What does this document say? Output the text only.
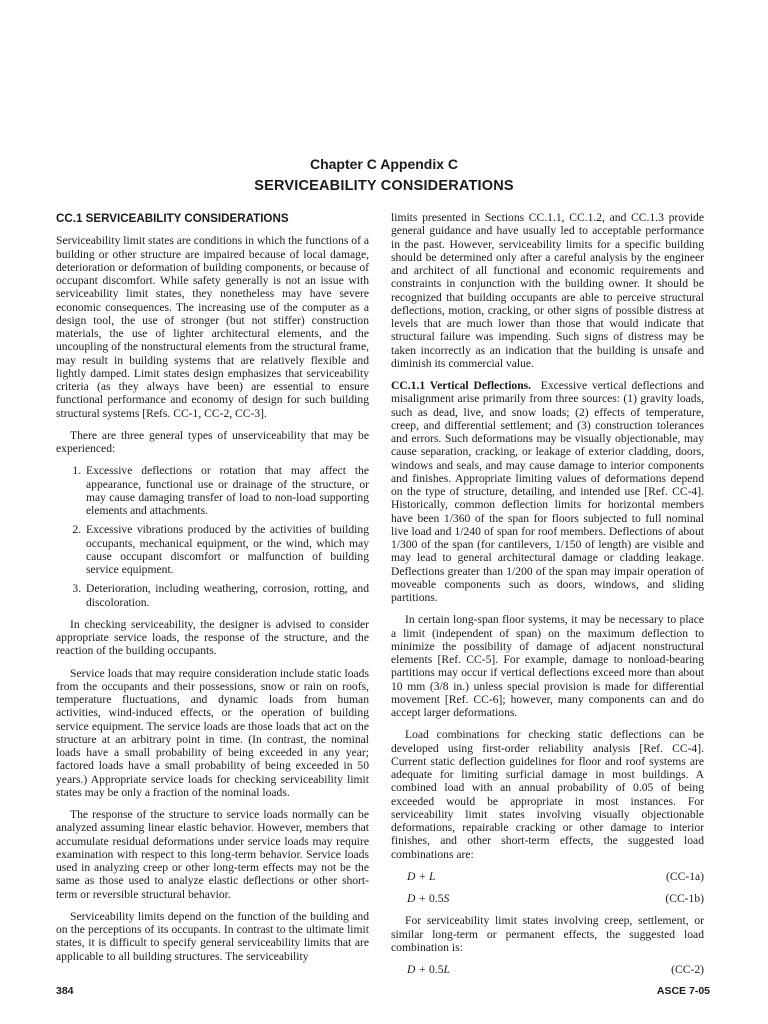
Chapter C Appendix C
SERVICEABILITY CONSIDERATIONS
CC.1 SERVICEABILITY CONSIDERATIONS

Serviceability limit states are conditions in which the functions of a building or other structure are impaired because of local damage, deterioration or deformation of building components, or because of occupant discomfort. While safety generally is not an issue with serviceability limit states, they nonetheless may have severe economic consequences. The increasing use of the computer as a design tool, the use of stronger (but not stiffer) construction materials, the use of lighter architectural elements, and the uncoupling of the nonstructural elements from the structural frame, may result in building systems that are relatively flexible and lightly damped. Limit states design emphasizes that serviceability criteria (as they always have been) are essential to ensure functional performance and economy of design for such building structural systems [Refs. CC-1, CC-2, CC-3].

There are three general types of unserviceability that may be experienced:

1. Excessive deflections or rotation that may affect the appearance, functional use or drainage of the structure, or may cause damaging transfer of load to non-load supporting elements and attachments.
2. Excessive vibrations produced by the activities of building occupants, mechanical equipment, or the wind, which may cause occupant discomfort or malfunction of building service equipment.
3. Deterioration, including weathering, corrosion, rotting, and discoloration.

In checking serviceability, the designer is advised to consider appropriate service loads, the response of the structure, and the reaction of the building occupants.

Service loads that may require consideration include static loads from the occupants and their possessions, snow or rain on roofs, temperature fluctuations, and dynamic loads from human activities, wind-induced effects, or the operation of building service equipment. The service loads are those loads that act on the structure at an arbitrary point in time. (In contrast, the nominal loads have a small probability of being exceeded in any year; factored loads have a small probability of being exceeded in 50 years.) Appropriate service loads for checking serviceability limit states may be only a fraction of the nominal loads.

The response of the structure to service loads normally can be analyzed assuming linear elastic behavior. However, members that accumulate residual deformations under service loads may require examination with respect to this long-term behavior. Service loads used in analyzing creep or other long-term effects may not be the same as those used to analyze elastic deflections or other short-term or reversible structural behavior.

Serviceability limits depend on the function of the building and on the perceptions of its occupants. In contrast to the ultimate limit states, it is difficult to specify general serviceability limits that are applicable to all building structures. The serviceability

limits presented in Sections CC.1.1, CC.1.2, and CC.1.3 provide general guidance and have usually led to acceptable performance in the past. However, serviceability limits for a specific building should be determined only after a careful analysis by the engineer and architect of all functional and economic requirements and constraints in conjunction with the building owner. It should be recognized that building occupants are able to perceive structural deflections, motion, cracking, or other signs of possible distress at levels that are much lower than those that would indicate that structural failure was impending. Such signs of distress may be taken incorrectly as an indication that the building is unsafe and diminish its commercial value.

CC.1.1 Vertical Deflections. Excessive vertical deflections and misalignment arise primarily from three sources: (1) gravity loads, such as dead, live, and snow loads; (2) effects of temperature, creep, and differential settlement; and (3) construction tolerances and errors. Such deformations may be visually objectionable, may cause separation, cracking, or leakage of exterior cladding, doors, windows and seals, and may cause damage to interior components and finishes. Appropriate limiting values of deformations depend on the type of structure, detailing, and intended use [Ref. CC-4]. Historically, common deflection limits for horizontal members have been 1/360 of the span for floors subjected to full nominal live load and 1/240 of span for roof members. Deflections of about 1/300 of the span (for cantilevers, 1/150 of length) are visible and may lead to general architectural damage or cladding leakage. Deflections greater than 1/200 of the span may impair operation of moveable components such as doors, windows, and sliding partitions.

In certain long-span floor systems, it may be necessary to place a limit (independent of span) on the maximum deflection to minimize the possibility of damage of adjacent nonstructural elements [Ref. CC-5]. For example, damage to nonload-bearing partitions may occur if vertical deflections exceed more than about 10 mm (3/8 in.) unless special provision is made for differential movement [Ref. CC-6]; however, many components can and do accept larger deformations.

Load combinations for checking static deflections can be developed using first-order reliability analysis [Ref. CC-4]. Current static deflection guidelines for floor and roof systems are adequate for limiting surficial damage in most buildings. A combined load with an annual probability of 0.05 of being exceeded would be appropriate in most instances. For serviceability limit states involving visually objectionable deformations, repairable cracking or other damage to interior finishes, and other short-term effects, the suggested load combinations are:

D + L	(CC-1a)
D + 0.5S	(CC-1b)

For serviceability limit states involving creep, settlement, or similar long-term or permanent effects, the suggested load combination is:

D + 0.5L	(CC-2)
384	ASCE 7-05
